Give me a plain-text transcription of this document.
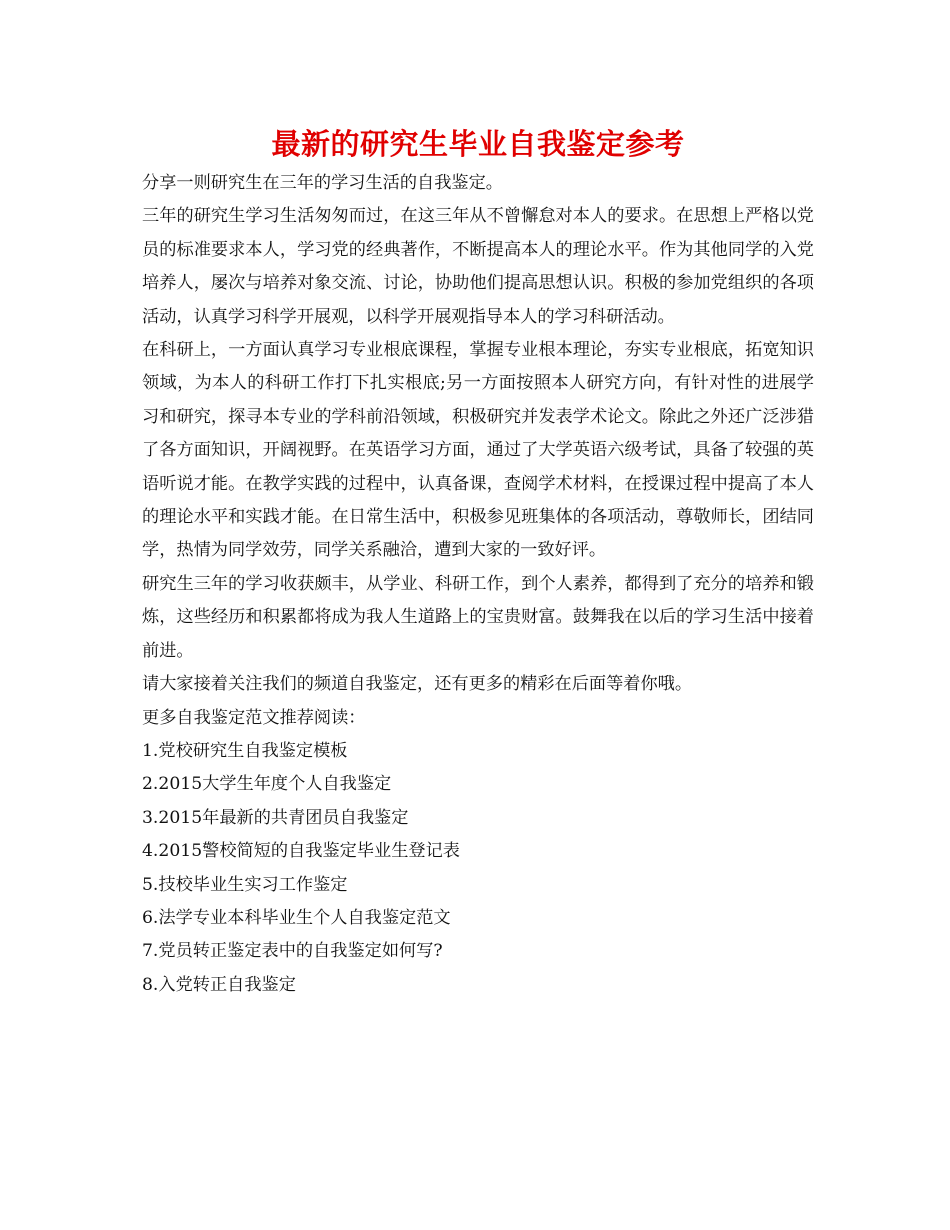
最新的研究生毕业自我鉴定参考

分享一则研究生在三年的学习生活的自我鉴定。

三年的研究生学习生活匆匆而过，在这三年从不曾懈怠对本人的要求。在思想上严格以党员的标准要求本人，学习党的经典著作，不断提高本人的理论水平。作为其他同学的入党培养人，屡次与培养对象交流、讨论，协助他们提高思想认识。积极的参加党组织的各项活动，认真学习科学开展观，以科学开展观指导本人的学习科研活动。

在科研上，一方面认真学习专业根底课程，掌握专业根本理论，夯实专业根底，拓宽知识领域，为本人的科研工作打下扎实根底;另一方面按照本人研究方向，有针对性的进展学习和研究，探寻本专业的学科前沿领域，积极研究并发表学术论文。除此之外还广泛涉猎了各方面知识，开阔视野。在英语学习方面，通过了大学英语六级考试，具备了较强的英语听说才能。在教学实践的过程中，认真备课，查阅学术材料，在授课过程中提高了本人的理论水平和实践才能。在日常生活中，积极参见班集体的各项活动，尊敬师长，团结同学，热情为同学效劳，同学关系融洽，遭到大家的一致好评。

研究生三年的学习收获颇丰，从学业、科研工作，到个人素养，都得到了充分的培养和锻炼，这些经历和积累都将成为我人生道路上的宝贵财富。鼓舞我在以后的学习生活中接着前进。

请大家接着关注我们的频道自我鉴定，还有更多的精彩在后面等着你哦。

更多自我鉴定范文推荐阅读：

1.党校研究生自我鉴定模板
2.2015大学生年度个人自我鉴定
3.2015年最新的共青团员自我鉴定
4.2015警校简短的自我鉴定毕业生登记表
5.技校毕业生实习工作鉴定
6.法学专业本科毕业生个人自我鉴定范文
7.党员转正鉴定表中的自我鉴定如何写?
8.入党转正自我鉴定
